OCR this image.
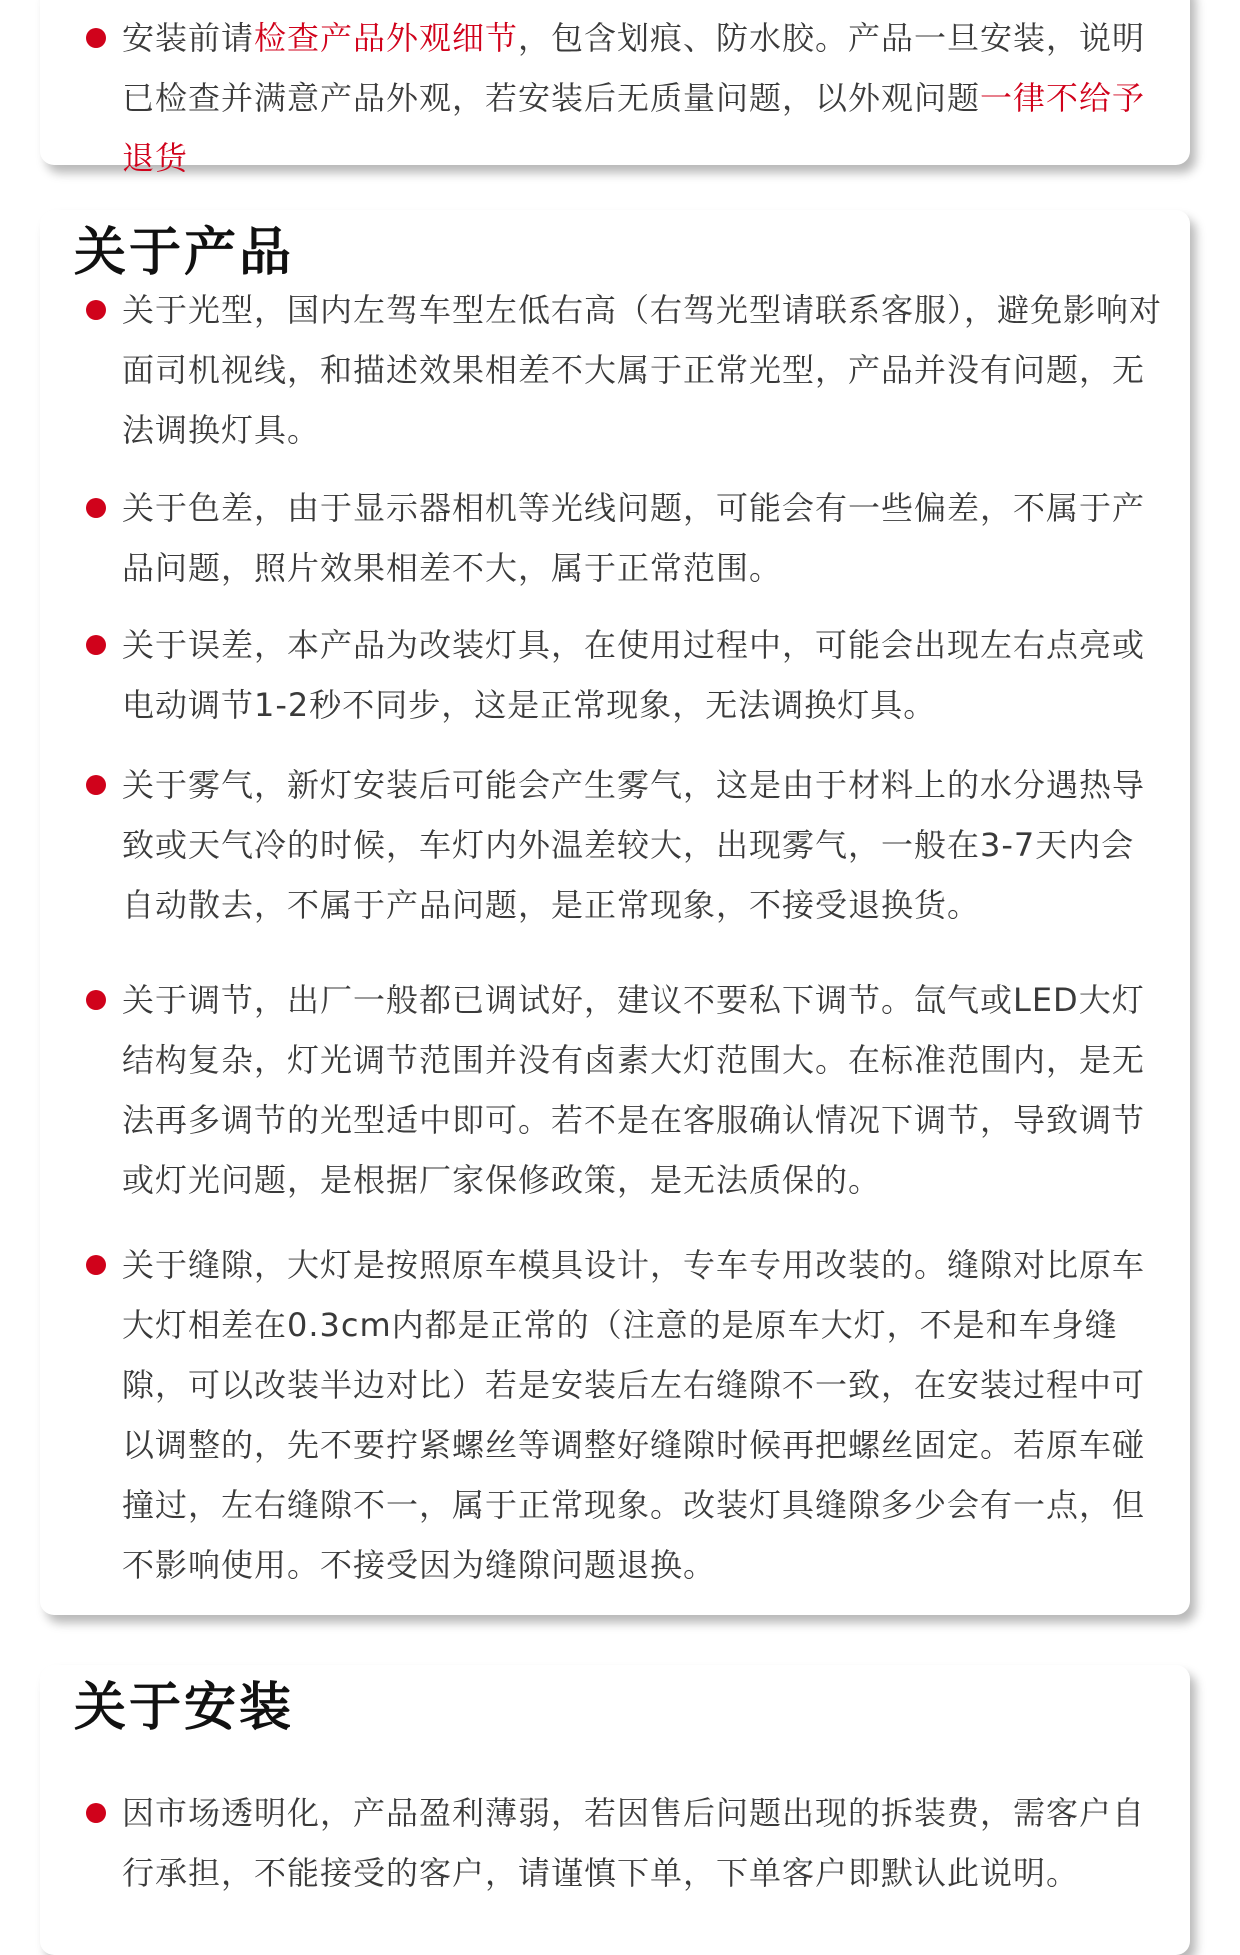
安装前请检查产品外观细节，包含划痕、防水胶。产品一旦安装，说明已检查并满意产品外观，若安装后无质量问题，以外观问题一律不给予退货
关于产品
关于光型，国内左驾车型左低右高（右驾光型请联系客服），避免影响对面司机视线，和描述效果相差不大属于正常光型，产品并没有问题，无法调换灯具。
关于色差，由于显示器相机等光线问题，可能会有一些偏差，不属于产品问题，照片效果相差不大，属于正常范围。
关于误差，本产品为改装灯具，在使用过程中，可能会出现左右点亮或电动调节1-2秒不同步，这是正常现象，无法调换灯具。
关于雾气，新灯安装后可能会产生雾气，这是由于材料上的水分遇热导致或天气冷的时候，车灯内外温差较大，出现雾气，一般在3-7天内会自动散去，不属于产品问题，是正常现象，不接受退换货。
关于调节，出厂一般都已调试好，建议不要私下调节。氙气或LED大灯结构复杂，灯光调节范围并没有卤素大灯范围大。在标准范围内，是无法再多调节的光型适中即可。若不是在客服确认情况下调节，导致调节或灯光问题，是根据厂家保修政策，是无法质保的。
关于缝隙，大灯是按照原车模具设计，专车专用改装的。缝隙对比原车大灯相差在0.3cm内都是正常的（注意的是原车大灯，不是和车身缝隙，可以改装半边对比）若是安装后左右缝隙不一致，在安装过程中可以调整的，先不要拧紧螺丝等调整好缝隙时候再把螺丝固定。若原车碰撞过，左右缝隙不一，属于正常现象。改装灯具缝隙多少会有一点，但不影响使用。不接受因为缝隙问题退换。
关于安装
因市场透明化，产品盈利薄弱，若因售后问题出现的拆装费，需客户自行承担，不能接受的客户，请谨慎下单，下单客户即默认此说明。
